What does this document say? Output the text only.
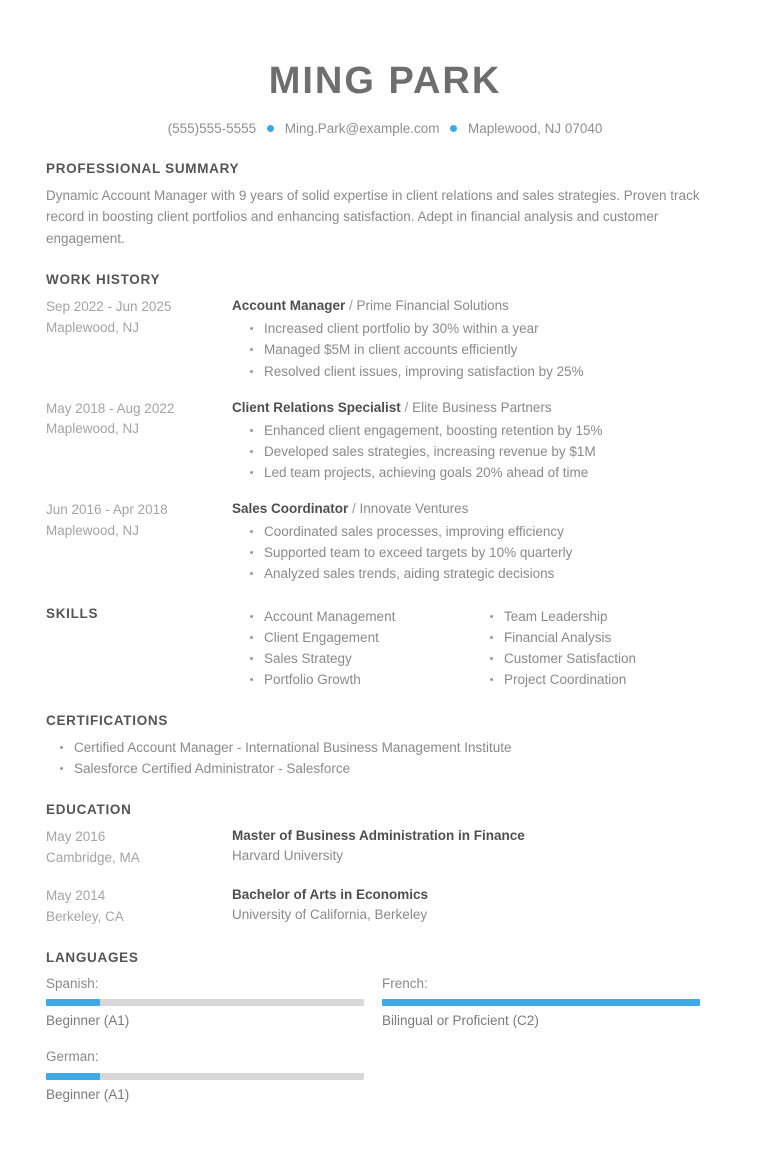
MING PARK
(555)555-5555 Ming.Park@example.com Maplewood, NJ 07040
PROFESSIONAL SUMMARY
Dynamic Account Manager with 9 years of solid expertise in client relations and sales strategies. Proven track record in boosting client portfolios and enhancing satisfaction. Adept in financial analysis and customer engagement.
WORK HISTORY
Sep 2022 - Jun 2025
Maplewood, NJ
Account Manager / Prime Financial Solutions
Increased client portfolio by 30% within a year
Managed $5M in client accounts efficiently
Resolved client issues, improving satisfaction by 25%
May 2018 - Aug 2022
Maplewood, NJ
Client Relations Specialist / Elite Business Partners
Enhanced client engagement, boosting retention by 15%
Developed sales strategies, increasing revenue by $1M
Led team projects, achieving goals 20% ahead of time
Jun 2016 - Apr 2018
Maplewood, NJ
Sales Coordinator / Innovate Ventures
Coordinated sales processes, improving efficiency
Supported team to exceed targets by 10% quarterly
Analyzed sales trends, aiding strategic decisions
SKILLS	Account Management
Client Engagement
Sales Strategy
Portfolio Growth
Team Leadership
Financial Analysis
Customer Satisfaction
Project Coordination
CERTIFICATIONS
Certified Account Manager - International Business Management Institute
Salesforce Certified Administrator - Salesforce
EDUCATION
May 2016
Cambridge, MA
Master of Business Administration in Finance
Harvard University
May 2014
Berkeley, CA
Bachelor of Arts in Economics
University of California, Berkeley
LANGUAGES
Spanish:
Beginner (A1)
French:
Bilingual or Proficient (C2)
German:
Beginner (A1)
